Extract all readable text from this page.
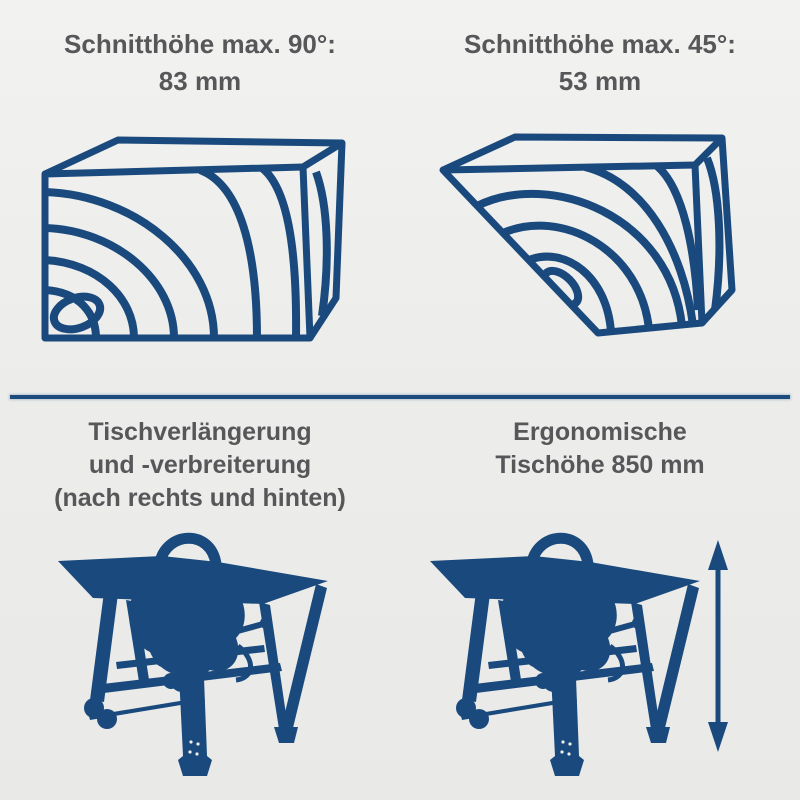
Schnitthöhe max. 90°:
83 mm
Schnitthöhe max. 45°:
53 mm
Tischverlängerung
und -verbreiterung
(nach rechts und hinten)
Ergonomische
Tischöhe 850 mm
